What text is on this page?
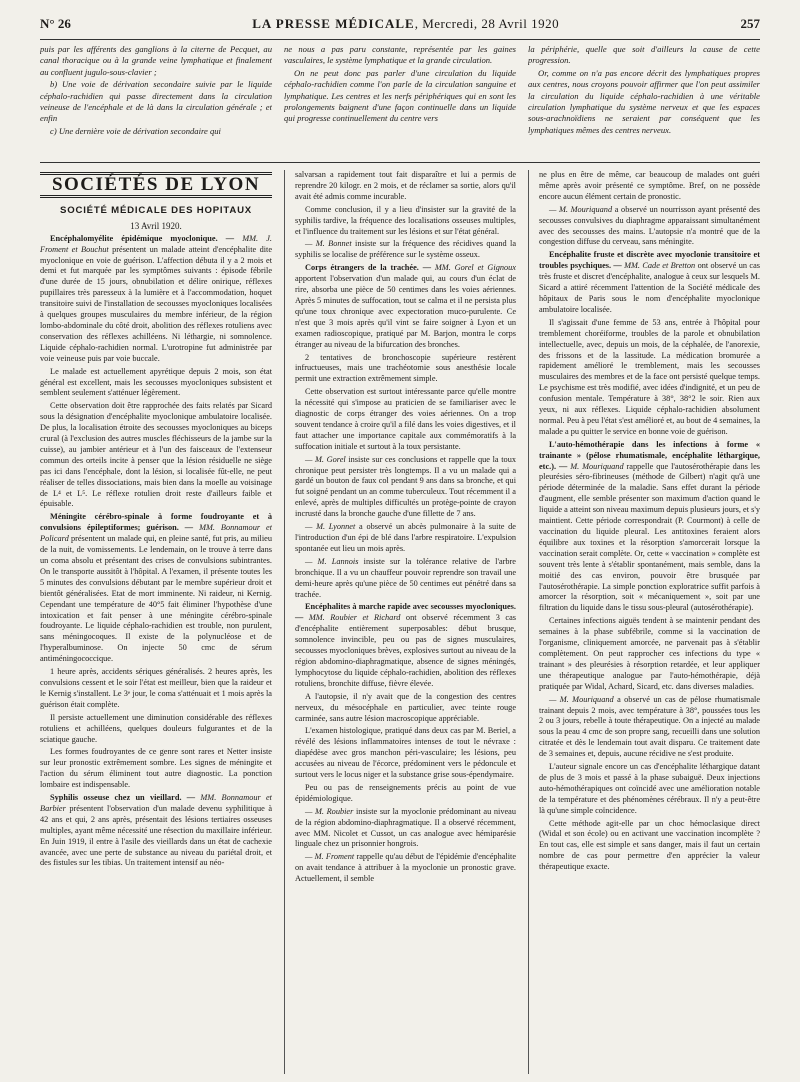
N° 26	LA PRESSE MÉDICALE, Mercredi, 28 Avril 1920	257

puis par les afférents des ganglions à la citerne de Pecquet, au canal thoracique ou à la grande veine lymphatique et finalement au confluent jugulo-sous-clavier ;

b) Une voie de dérivation secondaire suivie par le liquide céphalo-rachidien qui passe directement dans la circulation veineuse de l'encéphale et de là dans la circulation générale ; et enfin

c) Une dernière voie de dérivation secondaire qui

ne nous a pas paru constante, représentée par les gaines vasculaires, le système lymphatique et la grande circulation.

On ne peut donc pas parler d'une circulation du liquide céphalo-rachidien comme l'on parle de la circulation sanguine et lymphatique. Les centres et les nerfs périphériques qui en sont les prolongements baignent d'une façon continuelle dans un liquide qui progresse continuellement du centre vers

la périphérie, quelle que soit d'ailleurs la cause de cette progression.

Or, comme on n'a pas encore décrit des lymphatiques propres aux centres, nous croyons pouvoir affirmer que l'on peut assimiler la circulation du liquide céphalo-rachidien à une véritable circulation lymphatique du système nerveux et que les espaces sous-arachnoïdiens ne seraient par conséquent que les lymphatiques mêmes des centres nerveux.

SOCIÉTÉS DE LYON
SOCIÉTÉ MÉDICALE DES HOPITAUX

13 Avril 1920.

Encéphalomyélite épidémique myoclonique. — MM. J. Froment et Bouchut présentent un malade atteint d'encéphalite dite myoclonique en voie de guérison. L'affection débuta il y a 2 mois et demi et fut marquée par les symptômes suivants : épisode fébrile d'une durée de 15 jours, obnubilation et délire onirique, réflexes pupillaires très paresseux à la lumière et à l'accommodation, hoquet transitoire suivi de l'installation de secousses myocloniques localisées à quelques groupes musculaires du membre inférieur, de la région lombo-abdominale du côté droit, abolition des réflexes rotuliens avec conservation des réflexes achilléens. Ni léthargie, ni somnolence. Liquide céphalo-rachidien normal. L'urotropine fut administrée par voie veineuse puis par voie buccale.

Le malade est actuellement apyrétique depuis 2 mois, son état général est excellent, mais les secousses myocloniques subsistent et semblent seulement s'atténuer légèrement.

Cette observation doit être rapprochée des faits relatés par Sicard sous la désignation d'encéphalite myoclonique ambulatoire localisée. De plus, la localisation étroite des secousses myocloniques au biceps crural (à l'exclusion des autres muscles fléchisseurs de la jambe sur la cuisse), au jambier antérieur et à l'un des faisceaux de l'extenseur commun des orteils incite à penser que la lésion résiduelle ne siège pas ici dans l'encéphale, dont la lésion, si localisée fût-elle, ne peut réaliser de telles dissociations, mais bien dans la moelle au voisinage de L⁴ et L⁵. Le réflexe rotulien droit reste d'ailleurs faible et épuisable.

Méningite cérébro-spinale à forme foudroyante et à convulsions épileptiformes; guérison. — MM. Bonnamour et Policard présentent un malade qui, en pleine santé, fut pris, au milieu de la nuit, de vomissements. Le lendemain, on le trouve à terre dans un coma absolu et présentant des crises de convulsions subintrantes. On le transporte aussitôt à l'hôpital. A l'examen, il présente toutes les 5 minutes des convulsions débutant par le membre supérieur droit et bientôt généralisées. Etat de mort imminente. Ni raideur, ni Kernig. Cependant une température de 40°5 fait éliminer l'hypothèse d'une intoxication et fait penser à une méningite cérébro-spinale foudroyante. Le liquide céphalo-rachidien est trouble, non purulent, sans méningocoques. Il existe de la polynucléose et de l'hyperalbuminose. On injecte 50 cmc de sérum antiméningococcique.

1 heure après, accidents sériques généralisés. 2 heures après, les convulsions cessent et le soir l'état est meilleur, bien que la raideur et le Kernig s'installent. Le 3ᵉ jour, le coma s'atténuait et 1 mois après la guérison était complète.

Il persiste actuellement une diminution considérable des réflexes rotuliens et achilléens, quelques douleurs fulgurantes et de la sciatique gauche.

Les formes foudroyantes de ce genre sont rares et Netter insiste sur leur pronostic extrêmement sombre. Les signes de méningite et l'action du sérum éliminent tout autre diagnostic. La ponction lombaire est indispensable.

Syphilis osseuse chez un vieillard. — MM. Bonnamour et Barbier présentent l'observation d'un malade devenu syphilitique à 42 ans et qui, 2 ans après, présentait des lésions tertiaires osseuses multiples, ayant même nécessité une résection du maxillaire inférieur. En Juin 1919, il entre à l'asile des vieillards dans un état de cachexie avancée, avec une perte de substance au niveau du pariétal droit, et des fistules sur les tibias. Un traitement intensif au néo-

salvarsan a rapidement tout fait disparaître et lui a permis de reprendre 20 kilogr. en 2 mois, et de réclamer sa sortie, alors qu'il avait été admis comme incurable.

Comme conclusion, il y a lieu d'insister sur la gravité de la syphilis tardive, la fréquence des localisations osseuses multiples, et l'influence du traitement sur les lésions et sur l'état général.

— M. Bonnet insiste sur la fréquence des récidives quand la syphilis se localise de préférence sur le système osseux.

Corps étrangers de la trachée. — MM. Gorel et Gignoux apportent l'observation d'un malade qui, au cours d'un éclat de rire, absorba une pièce de 50 centimes dans les voies aériennes. Après 5 minutes de suffocation, tout se calma et il ne persista plus qu'une toux chronique avec expectoration muco-purulente. Ce n'est que 3 mois après qu'il vint se faire soigner à Lyon et un examen radioscopique, pratiqué par M. Barjon, montra le corps étranger au niveau de la bifurcation des bronches.

2 tentatives de bronchoscopie supérieure restèrent infructueuses, mais une trachéotomie sous anesthésie locale permit une extraction extrêmement simple.

Cette observation est surtout intéressante parce qu'elle montre la nécessité qui s'impose au praticien de se familiariser avec le diagnostic de corps étranger des voies aériennes. On a trop souvent tendance à croire qu'il a filé dans les voies digestives, et il faut attacher une importance capitale aux commémoratifs à la suffocation initiale et surtout à la toux persistante.

— M. Gorel insiste sur ces conclusions et rappelle que la toux chronique peut persister très longtemps. Il a vu un malade qui a gardé un bouton de faux col pendant 9 ans dans sa bronche, et qui fut soigné pendant un an comme tuberculeux. Tout récemment il a enlevé, après de multiples difficultés un protège-pointe de crayon incrusté dans la bronche gauche d'une fillette de 7 ans.

— M. Lyonnet a observé un abcès pulmonaire à la suite de l'introduction d'un épi de blé dans l'arbre respiratoire. L'expulsion spontanée eut lieu un mois après.

— M. Lannois insiste sur la tolérance relative de l'arbre bronchique. Il a vu un chauffeur pouvoir reprendre son travail une demi-heure après qu'une pièce de 50 centimes eut pénétré dans sa trachée.

Encéphalites à marche rapide avec secousses myocloniques. — MM. Roubier et Richard ont observé récemment 3 cas d'encéphalite entièrement superposables: début brusque, somnolence invincible, peu ou pas de signes musculaires, secousses myocloniques brèves, explosives surtout au niveau de la région abdomino-diaphragmatique, absence de signes méningés, lymphocytose du liquide céphalo-rachidien, abolition des réflexes rotuliens, bronchite diffuse, fièvre élevée.

A l'autopsie, il n'y avait que de la congestion des centres nerveux, du mésocéphale en particulier, avec teinte rouge carminée, sans autre lésion macroscopique appréciable.

L'examen histologique, pratiqué dans deux cas par M. Beriel, a révélé des lésions inflammatoires intenses de tout le névraxe : diapédèse avec gros manchon péri-vasculaire; les lésions, peu accusées au niveau de l'écorce, prédominent vers le pédoncule et surtout vers le locus niger et la substance grise sous-épendymaire.

Peu ou pas de renseignements précis au point de vue épidémiologique.

— M. Roubier insiste sur la myoclonie prédominant au niveau de la région abdomino-diaphragmatique. Il a observé récemment, avec MM. Nicolet et Cussot, un cas analogue avec hémiparésie linguale chez un prisonnier hongrois.

— M. Froment rappelle qu'au début de l'épidémie d'encéphalite on avait tendance à attribuer à la myoclonie un pronostic grave. Actuellement, il semble

ne plus en être de même, car beaucoup de malades ont guéri même après avoir présenté ce symptôme. Bref, on ne possède encore aucun élément certain de pronostic.

— M. Mouriquand a observé un nourrisson ayant présenté des secousses convulsives du diaphragme apparaissant simultanément avec des secousses des mains. L'autopsie n'a montré que de la congestion diffuse du cerveau, sans méningite.

Encéphalite fruste et discrète avec myoclonie transitoire et troubles psychiques. — MM. Cade et Bretton ont observé un cas très fruste et discret d'encéphalite, analogue à ceux sur lesquels M. Sicard a attiré récemment l'attention de la Société médicale des hôpitaux de Paris sous le nom d'encéphalite myoclonique ambulatoire localisée.

Il s'agissait d'une femme de 53 ans, entrée à l'hôpital pour tremblement choréiforme, troubles de la parole et obnubilation intellectuelle, avec, depuis un mois, de la céphalée, de l'anorexie, des frissons et de la lassitude. La médication bromurée a rapidement amélioré le tremblement, mais les secousses musculaires des membres et de la face ont persisté quelque temps. Le psychisme est très modifié, avec idées d'indignité, et un peu de confusion mentale. Température à 38°, 38°2 le soir. Rien aux yeux, ni aux réflexes. Liquide céphalo-rachidien absolument normal. Peu à peu l'état s'est amélioré et, au bout de 4 semaines, la malade a pu quitter le service en bonne voie de guérison.

L'auto-hémothérapie dans les infections à forme « trainante » (pélose rhumatismale, encéphalite léthargique, etc.). — M. Mouriquand rappelle que l'autosérothérapie dans les pleurésies séro-fibrineuses (méthode de Gilbert) n'agit qu'à une période déterminée de la maladie. Sans effet durant la période d'augment, elle semble présenter son maximum d'action quand le liquide a atteint son niveau maximum depuis plusieurs jours, et s'y maintient. Cette période correspondrait (P. Courmont) à celle de vaccination du liquide pleural. Les antitoxines feraient alors équilibre aux toxines et la résorption s'amorcerait lorsque la vaccination serait complète. Or, cette « vaccination » complète est souvent très lente à s'établir spontanément, mais semble, dans la moitié des cas environ, pouvoir être brusquée par l'autosérothérapie. La simple ponction exploratrice suffit parfois à amorcer la résorption, soit « mécaniquement », soit par une filtration du liquide dans le tissu sous-pleural (autosérothérapie).

Certaines infections aiguës tendent à se maintenir pendant des semaines à la phase subfébrile, comme si la vaccination de l'organisme, cliniquement amorcée, ne parvenait pas à s'établir complètement. On peut rapprocher ces infections du type « trainant » des pleurésies à résorption retardée, et leur appliquer une thérapeutique analogue par l'auto-hémothérapie, déjà pratiquée par Widal, Achard, Sicard, etc. dans diverses maladies.

— M. Mouriquand a observé un cas de pélose rhumatismale trainant depuis 2 mois, avec température à 38°, poussées tous les 2 ou 3 jours, rebelle à toute thérapeutique. On a injecté au malade sous la peau 4 cmc de son propre sang, recueilli dans une solution citratée et dès le lendemain tout avait disparu. Ce traitement date de 3 semaines et, depuis, aucune récidive ne s'est produite.

L'auteur signale encore un cas d'encéphalite léthargique datant de plus de 3 mois et passé à la phase subaiguë. Deux injections auto-hémothérapiques ont coïncidé avec une amélioration notable de la température et des phénomènes cérébraux. Il n'y a peut-être là qu'une simple coïncidence.

Cette méthode agit-elle par un choc hémoclasique direct (Widal et son école) ou en activant une vaccination incomplète ? En tout cas, elle est simple et sans danger, mais il faut un certain nombre de cas pour permettre d'en apprécier la valeur thérapeutique exacte.
